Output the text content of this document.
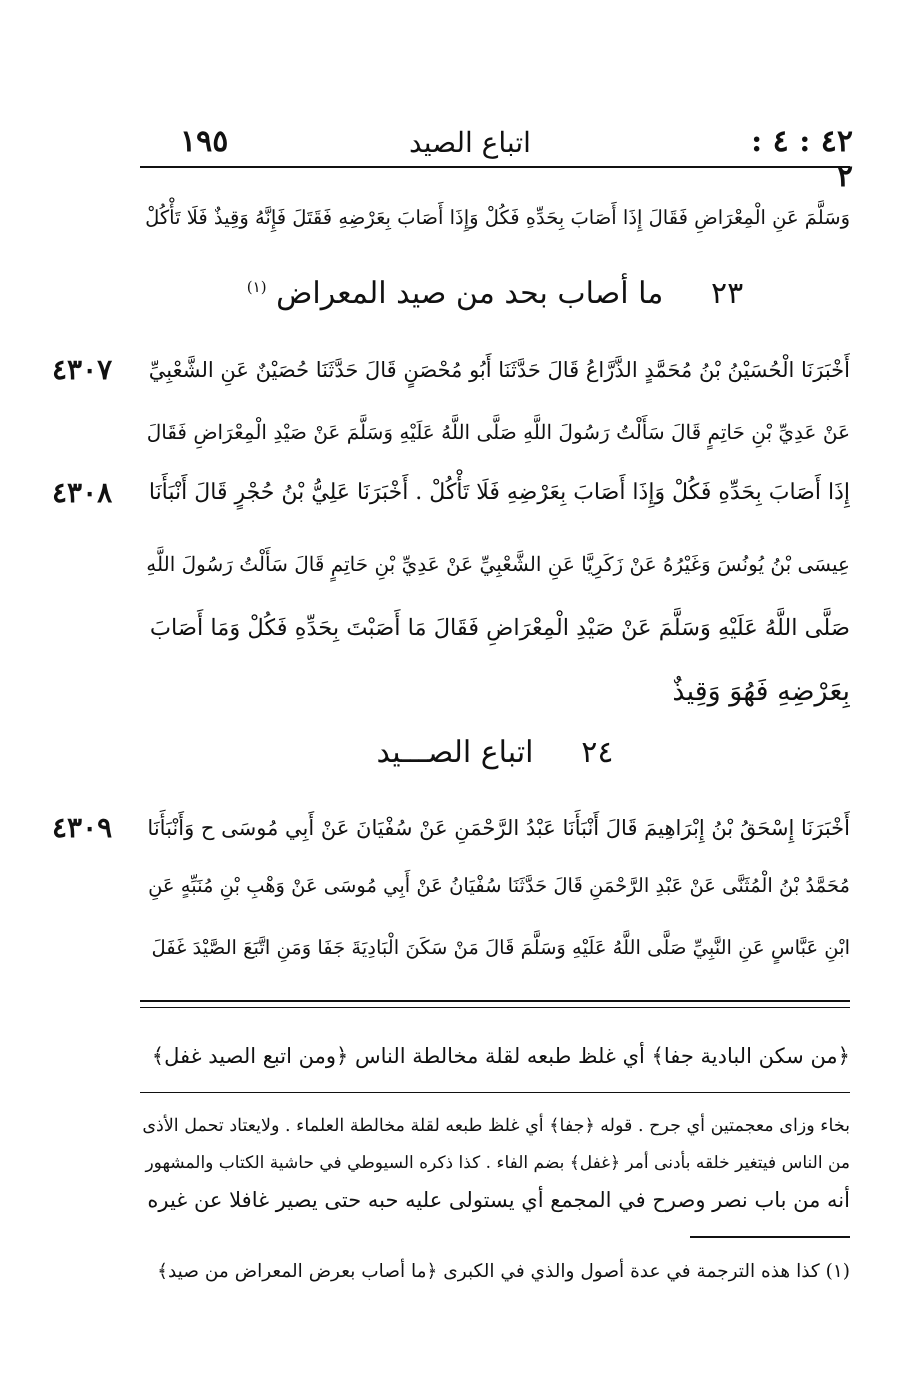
١٩٥	اتباع الصيد	٤٢ : ٤ : ٢
وَسَلَّمَ عَنِ الْمِعْرَاضِ فَقَالَ إِذَا أَصَابَ بِحَدِّهِ فَكُلْ وَإِذَا أَصَابَ بِعَرْضِهِ فَقَتَلَ فَإِنَّهُ وَقِيذٌ فَلَا تَأْكُلْ
٢٣     ما أصاب بحد من صيد المعراض $^{(١)}$
٤٣٠٧	أَخْبَرَنَا الْحُسَيْنُ بْنُ مُحَمَّدٍ الذَّرَّاعُ قَالَ حَدَّثَنَا أَبُو مُحْصَنٍ قَالَ حَدَّثَنَا حُصَيْنٌ عَنِ الشَّعْبِيِّ
عَنْ عَدِيِّ بْنِ حَاتِمٍ قَالَ سَأَلْتُ رَسُولَ اللَّهِ صَلَّى اللَّهُ عَلَيْهِ وَسَلَّمَ عَنْ صَيْدِ الْمِعْرَاضِ فَقَالَ
٤٣٠٨	إِذَا أَصَابَ بِحَدِّهِ فَكُلْ وَإِذَا أَصَابَ بِعَرْضِهِ فَلَا تَأْكُلْ . أَخْبَرَنَا عَلِيُّ بْنُ حُجْرٍ قَالَ أَنْبَأَنَا
عِيسَى بْنُ يُونُسَ وَغَيْرُهُ عَنْ زَكَرِيَّا عَنِ الشَّعْبِيِّ عَنْ عَدِيِّ بْنِ حَاتِمٍ قَالَ سَأَلْتُ رَسُولَ اللَّهِ
صَلَّى اللَّهُ عَلَيْهِ وَسَلَّمَ عَنْ صَيْدِ الْمِعْرَاضِ فَقَالَ مَا أَصَبْتَ بِحَدِّهِ فَكُلْ وَمَا أَصَابَ
بِعَرْضِهِ فَهُوَ وَقِيذٌ
٢٤     اتباع الصـــيد
٤٣٠٩	أَخْبَرَنَا إِسْحَقُ بْنُ إِبْرَاهِيمَ قَالَ أَنْبَأَنَا عَبْدُ الرَّحْمَنِ عَنْ سُفْيَانَ عَنْ أَبِي مُوسَى ح وَأَنْبَأَنَا
مُحَمَّدُ بْنُ الْمُثَنَّى عَنْ عَبْدِ الرَّحْمَنِ قَالَ حَدَّثَنَا سُفْيَانُ عَنْ أَبِي مُوسَى عَنْ وَهْبِ بْنِ مُنَبِّهٍ عَنِ
ابْنِ عَبَّاسٍ عَنِ النَّبِيِّ صَلَّى اللَّهُ عَلَيْهِ وَسَلَّمَ قَالَ مَنْ سَكَنَ الْبَادِيَةَ جَفَا وَمَنِ اتَّبَعَ الصَّيْدَ غَفَلَ
﴿من سكن البادية جفا﴾ أي غلظ طبعه لقلة مخالطة الناس ﴿ومن اتبع الصيد غفل﴾
بخاء وزاى معجمتين أي جرح . قوله ﴿جفا﴾ أي غلظ طبعه لقلة مخالطة العلماء . ولايعتاد تحمل الأذى
من الناس فيتغير خلقه بأدنى أمر ﴿غفل﴾ بضم الفاء . كذا ذكره السيوطي في حاشية الكتاب والمشهور
أنه من باب نصر وصرح في المجمع أي يستولى عليه حبه حتى يصير غافلا عن غيره
(١) كذا هذه الترجمة في عدة أصول والذي في الكبرى ﴿ما أصاب بعرض المعراض من صيد﴾
